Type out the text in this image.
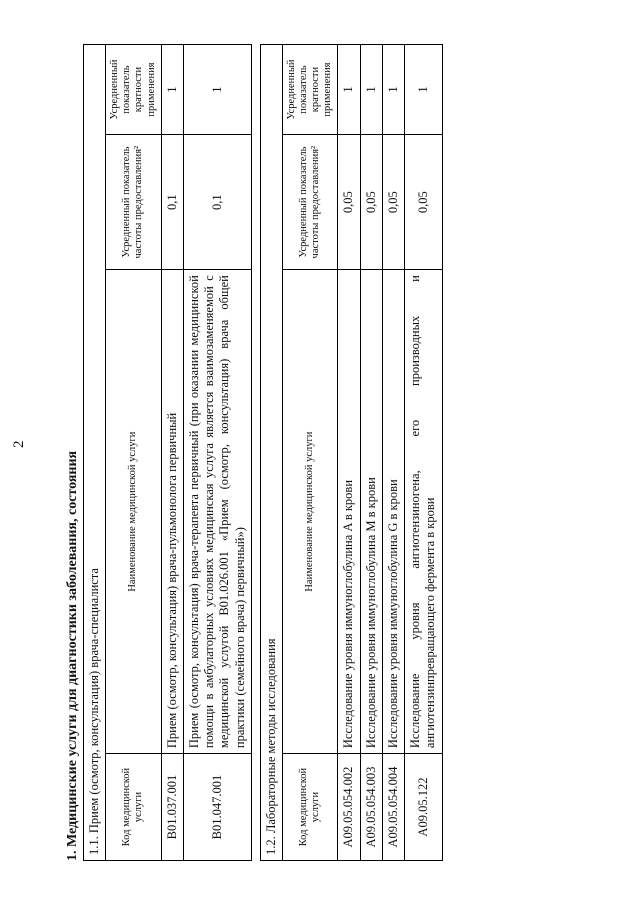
2
1. Медицинские услуги для диагностики заболевания, состояния 1.1. Прием (осмотр, консультация) врача-специалиста			
Код медицинской услуги	Наименование медицинской услуги	Усредненный показатель частоты предоставления²	Усредненный показатель кратности применения
B01.037.001	Прием (осмотр, консультация) врача-пульмонолога первичный	0,1	1
B01.047.001	Прием (осмотр, консультация) врача-терапевта первичный (при оказании медицинской помощи в амбулаторных условиях медицинская услуга является взаимозаменяемой с медицинской услугой B01.026.001 «Прием (осмотр, консультация) врача общей практики (семейного врача) первичный»)	0,1	1
1.2. Лабораторные методы исследования			
Код медицинской услуги	Наименование медицинской услуги	Усредненный показатель частоты предоставления²	Усредненный показатель кратности применения
A09.05.054.002	Исследование уровня иммуноглобулина A в крови	0,05	1
A09.05.054.003	Исследование уровня иммуноглобулина M в крови	0,05	1
A09.05.054.004	Исследование уровня иммуноглобулина G в крови	0,05	1
A09.05.122	Исследование уровня ангиотензиногена, его производных и ангиотензинпревращающего фермента в крови	0,05	1
